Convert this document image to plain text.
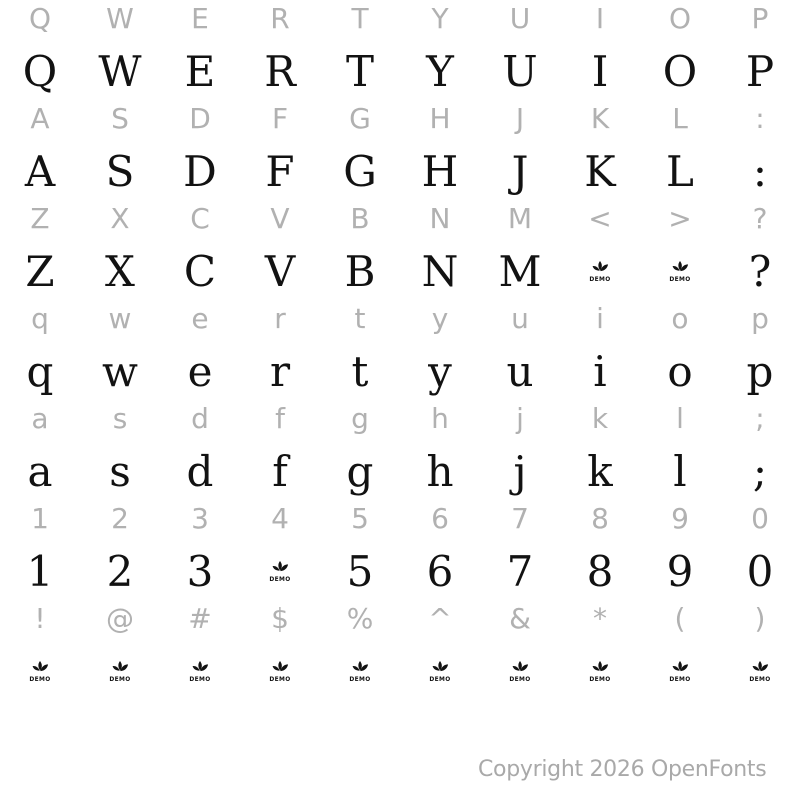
Q W E R T Y U I O P
Q W E R T Y U I O P
A S D F G H J K L :
A S D F G H J K L :
Z X C V B N M < > ?
Z X C V B N M	DEMO	DEMO ?
q w e r t y u i o p
q w e r t y u i o p
a s d f g h j k l	;
a s d f g h j k l ;
1 2 3 4 5 6 7 8 9 0
1 2 3	DEMO 5 6 7 8 9 0
! @ # $ % ^ & * ( )
DEMO	DEMO	DEMO	DEMO	DEMO	DEMO	DEMO	DEMO	DEMO	DEMO
Copyright 2026 OpenFonts
